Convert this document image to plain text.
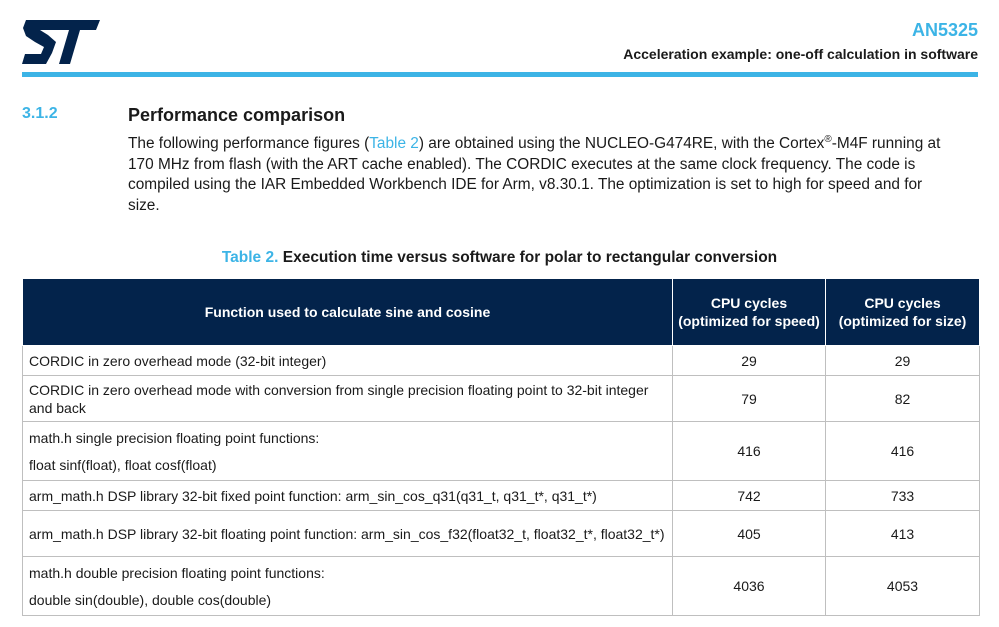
AN5325
Acceleration example: one-off calculation in software
3.1.2	Performance comparison
The following performance figures (Table 2) are obtained using the NUCLEO-G474RE, with the Cortex®-M4F running at 170 MHz from flash (with the ART cache enabled). The CORDIC executes at the same clock frequency. The code is compiled using the IAR Embedded Workbench IDE for Arm, v8.30.1. The optimization is set to high for speed and for size.
Table 2. Execution time versus software for polar to rectangular conversion
Function used to calculate sine and cosine	CPU cycles (optimized for speed)	CPU cycles (optimized for size)

CORDIC in zero overhead mode (32-bit integer)	29	29

CORDIC in zero overhead mode with conversion from single precision floating point to 32-bit integer and back	79	82

math.h single precision floating point functions:
float sinf(float), float cosf(float)	416	416

arm_math.h DSP library 32-bit fixed point function: arm_sin_cos_q31(q31_t, q31_t*, q31_t*)	742	733

arm_math.h DSP library 32-bit floating point function: arm_sin_cos_f32(float32_t, float32_t*, float32_t*)	405	413

math.h double precision floating point functions:
double sin(double), double cos(double)	4036	4053
